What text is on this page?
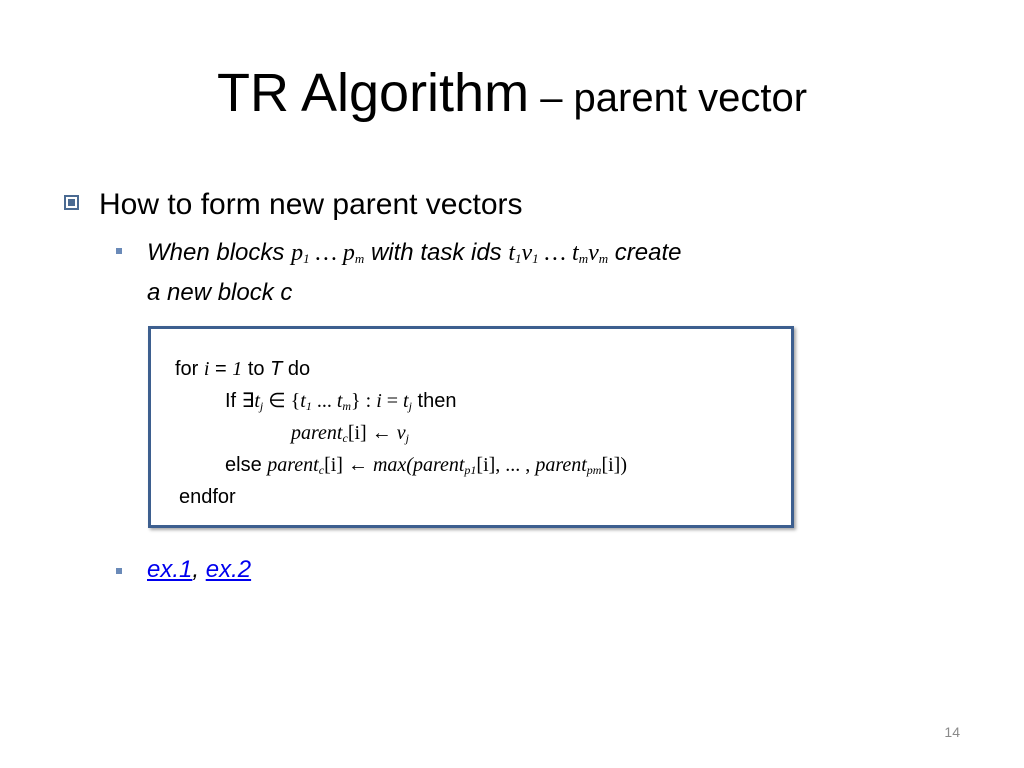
TR Algorithm – parent vector
How to form new parent vectors
When blocks p1 … pm with task ids t1v1 … tmvm create
a new block c
for i = 1 to T do
If ∃tj ∈ {t1 ... tm} : i = tj then
parentc[i] ← vj
else parentc[i] ← max(parentp1[i], ... , parentpm[i])
endfor
ex.1, ex.2
14
